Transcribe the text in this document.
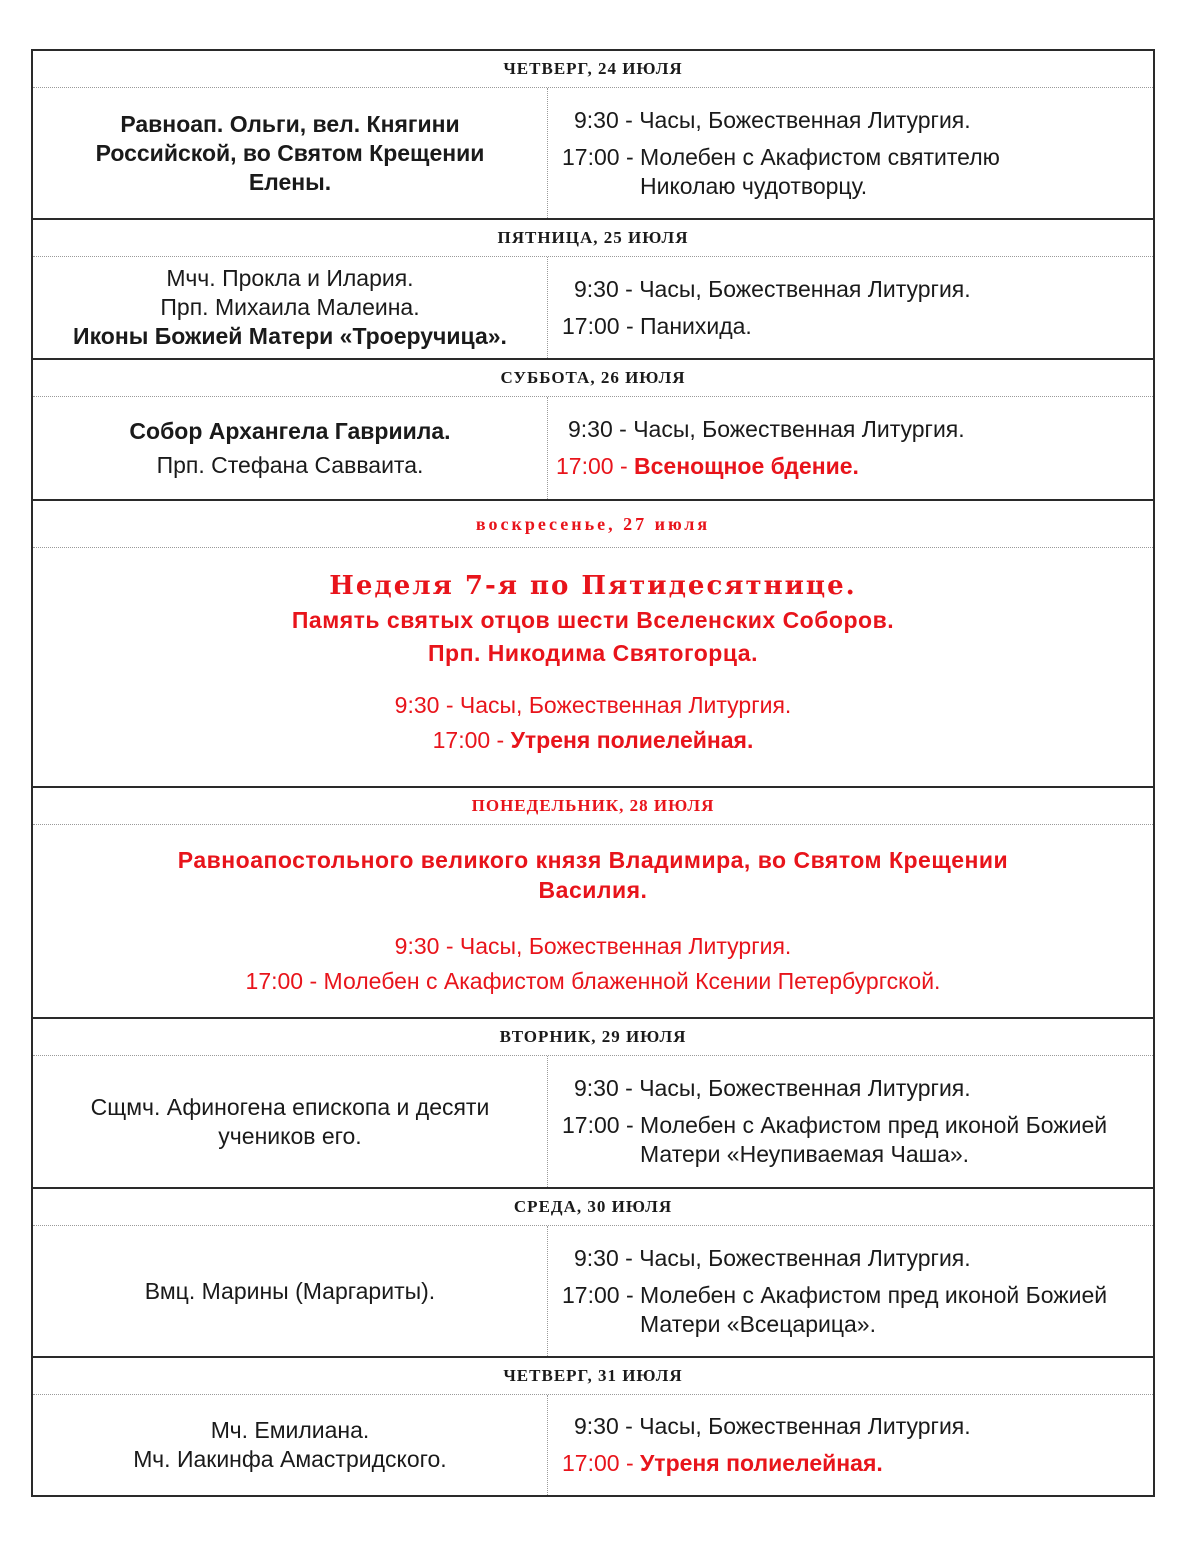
ЧЕТВЕРГ, 24 ИЮЛЯ
Равноап. Ольги, вел. Княгини Российской, во Святом Крещении Елены.
9:30 - Часы, Божественная Литургия.
17:00 - Молебен с Акафистом святителю Николаю чудотворцу.
ПЯТНИЦА, 25 ИЮЛЯ
Мчч. Прокла и Илария.
Прп. Михаила Малеина.
Иконы Божией Матери «Троеручица».
9:30 - Часы, Божественная Литургия.
17:00 - Панихида.
СУББОТА, 26 ИЮЛЯ
Собор Архангела Гавриила.
Прп. Стефана Савваита.
9:30 - Часы, Божественная Литургия.
17:00 - Всенощное бдение.
воскресенье, 27 июля
Неделя 7-я по Пятидесятнице.
Память святых отцов шести Вселенских Соборов.
Прп. Никодима Святогорца.
9:30 - Часы, Божественная Литургия.
17:00 - Утреня полиелейная.
ПОНЕДЕЛЬНИК, 28 ИЮЛЯ
Равноапостольного великого князя Владимира, во Святом Крещении Василия.
9:30 - Часы, Божественная Литургия.
17:00 - Молебен с Акафистом блаженной Ксении Петербургской.
ВТОРНИК, 29 ИЮЛЯ
Сщмч. Афиногена епископа и десяти учеников его.
9:30 - Часы, Божественная Литургия.
17:00 - Молебен с Акафистом пред иконой Божией Матери «Неупиваемая Чаша».
СРЕДА, 30 ИЮЛЯ
Вмц. Марины (Маргариты).
9:30 - Часы, Божественная Литургия.
17:00 - Молебен с Акафистом пред иконой Божией Матери «Всецарица».
ЧЕТВЕРГ, 31 ИЮЛЯ
Мч. Емилиана.
Мч. Иакинфа Амастридского.
9:30 - Часы, Божественная Литургия.
17:00 - Утреня полиелейная.
